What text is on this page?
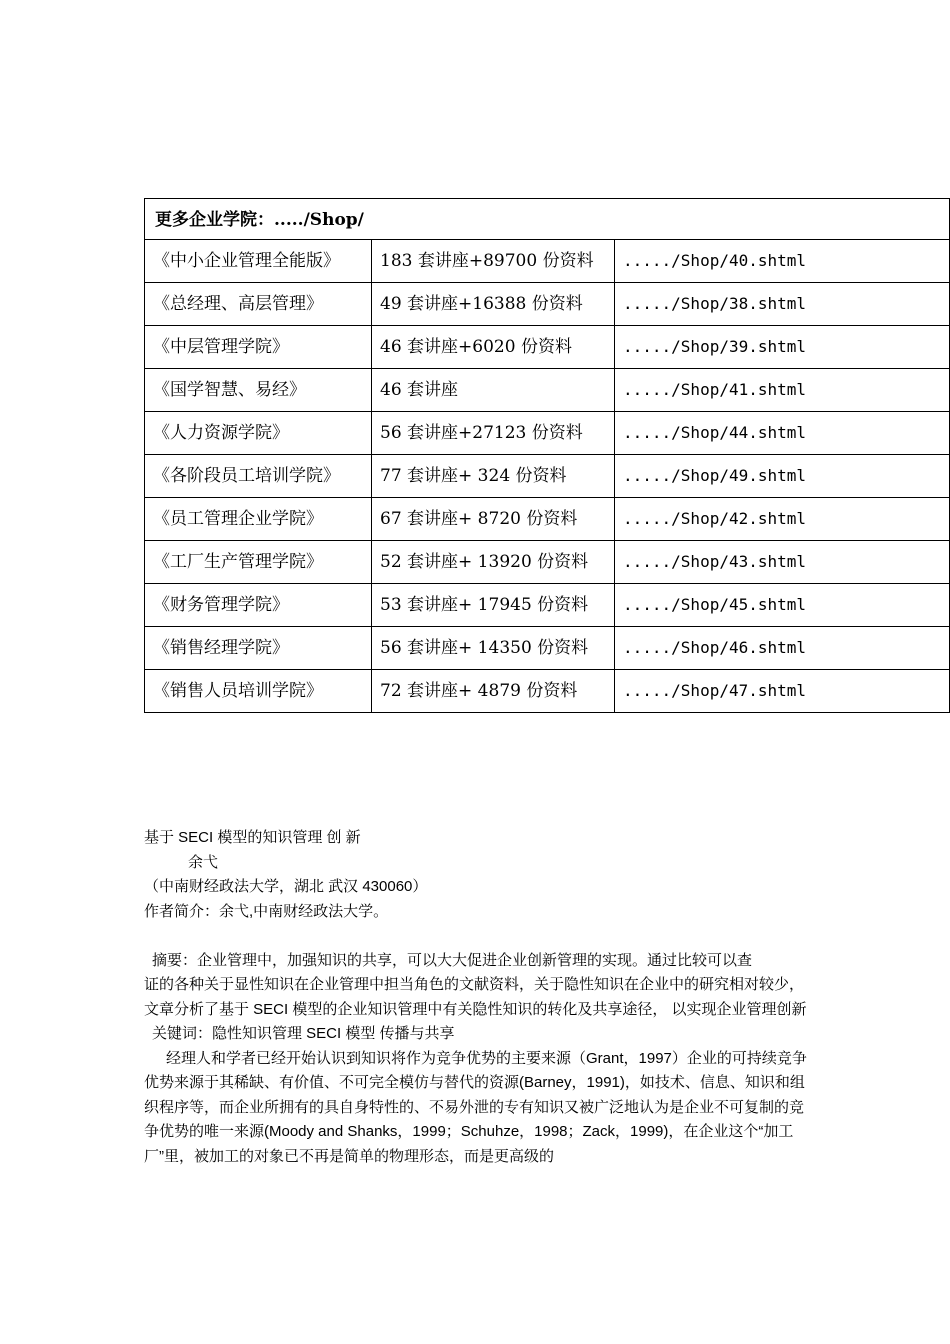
更多企业学院：...../Shop/		
《中小企业管理全能版》	183 套讲座+89700 份资料	...../Shop/40.shtml
《总经理、高层管理》	49 套讲座+16388 份资料	...../Shop/38.shtml
《中层管理学院》	46 套讲座+6020 份资料	...../Shop/39.shtml
《国学智慧、易经》	46 套讲座	...../Shop/41.shtml
《人力资源学院》	56 套讲座+27123 份资料	...../Shop/44.shtml
《各阶段员工培训学院》	77 套讲座+ 324 份资料	...../Shop/49.shtml
《员工管理企业学院》	67 套讲座+ 8720 份资料	...../Shop/42.shtml
《工厂生产管理学院》	52 套讲座+ 13920 份资料	...../Shop/43.shtml
《财务管理学院》	53 套讲座+ 17945 份资料	...../Shop/45.shtml
《销售经理学院》	56 套讲座+ 14350 份资料	...../Shop/46.shtml
《销售人员培训学院》	72 套讲座+ 4879 份资料	...../Shop/47.shtml

基于 SECI 模型的知识管理 创 新

余弋

（中南财经政法大学，湖北 武汉 430060）

作者简介：余弋,中南财经政法大学。

摘要：企业管理中，加强知识的共享，可以大大促进企业创新管理的实现。通过比较可以查

证的各种关于显性知识在企业管理中担当角色的文献资料，关于隐性知识在企业中的研究相对较少，文章分析了基于 SECI 模型的企业知识管理中有关隐性知识的转化及共享途径， 以实现企业管理创新

关键词：隐性知识管理 SECI 模型 传播与共享

经理人和学者已经开始认识到知识将作为竞争优势的主要来源（Grant，1997）企业的可持续竞争优势来源于其稀缺、有价值、不可完全模仿与替代的资源(Barney，1991)，如技术、信息、知识和组织程序等，而企业所拥有的具自身特性的、不易外泄的专有知识又被广泛地认为是企业不可复制的竞争优势的唯一来源(Moody and Shanks，1999；Schuhze，1998；Zack，1999)，在企业这个“加工厂”里，被加工的对象已不再是简单的物理形态，而是更高级的
